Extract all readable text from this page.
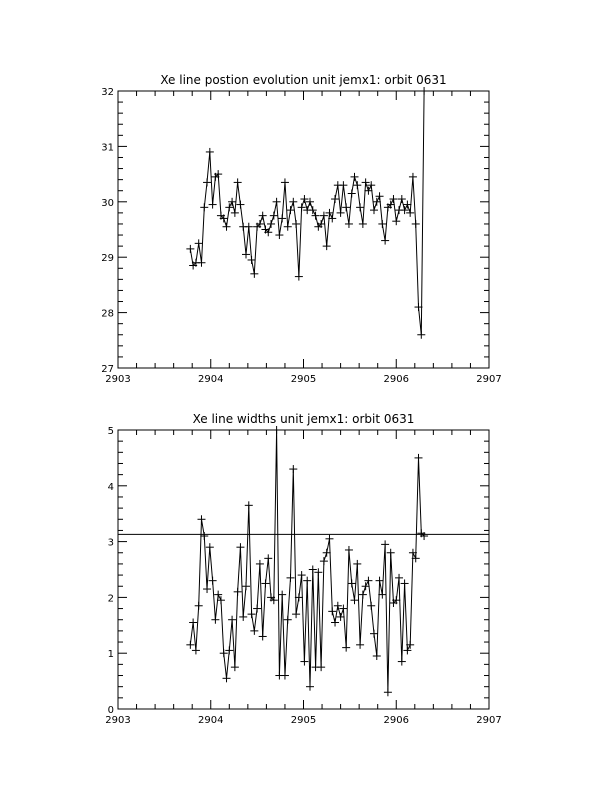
Xe line postion evolution unit jemx1: orbit 0631
2903	2904	2905	2906	2907
27
28
29
30
31
32
Xe line widths unit jemx1: orbit 0631
2903	2904	2905	2906	2907
0
1
2
3
4
5
